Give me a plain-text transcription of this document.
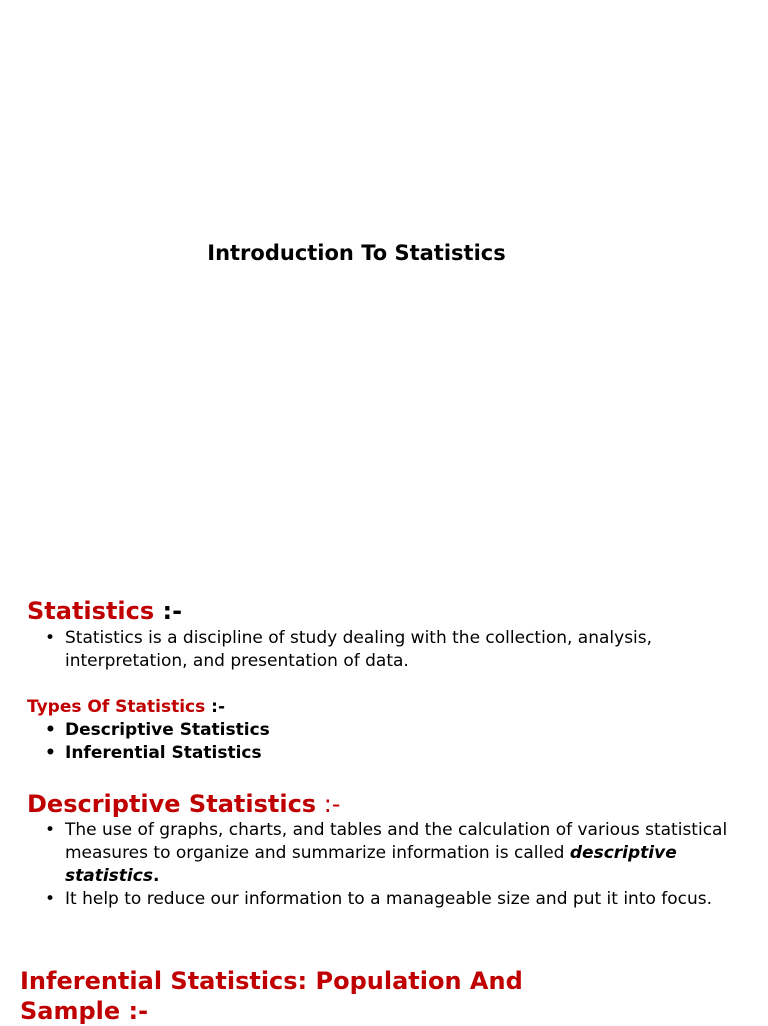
Introduction To Statistics
Statistics :-
• Statistics is a discipline of study dealing with the collection, analysis, interpretation, and presentation of data.
Types Of Statistics :-
• Descriptive Statistics
• Inferential Statistics
Descriptive Statistics :-
• The use of graphs, charts, and tables and the calculation of various statistical measures to organize and summarize information is called descriptive statistics.
• It help to reduce our information to a manageable size and put it into focus.
Inferential Statistics: Population And Sample :-
